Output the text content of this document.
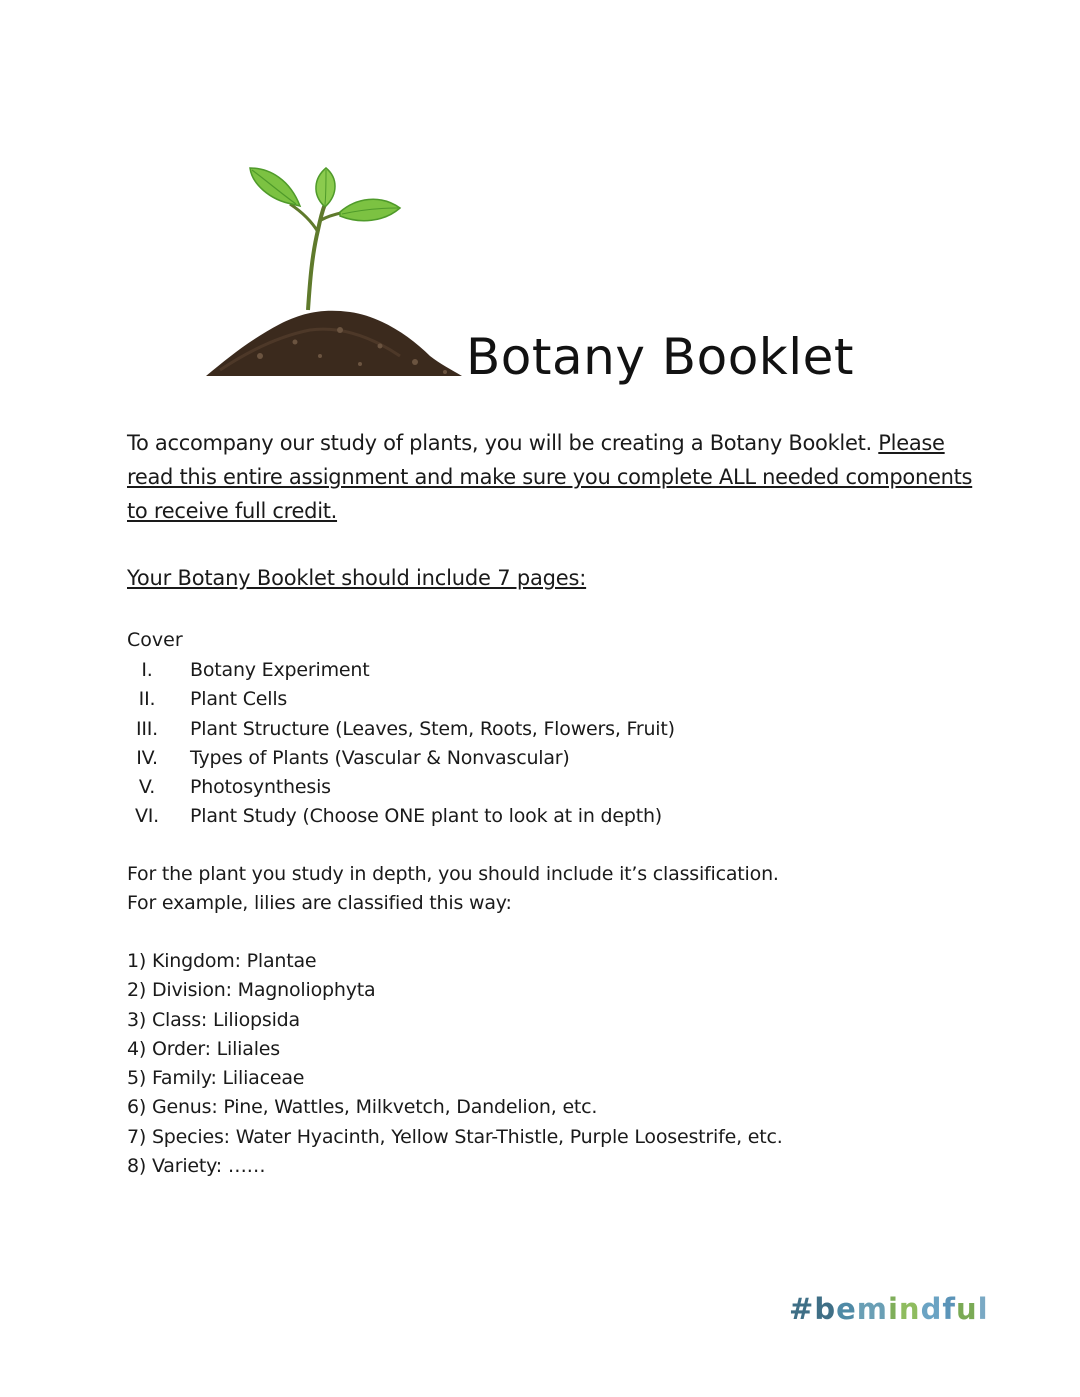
Botany Booklet
To accompany our study of plants, you will be creating a Botany Booklet. Please read this entire assignment and make sure you complete ALL needed components to receive full credit.
Your Botany Booklet should include 7 pages:
Cover
I.	Botany Experiment
II.	Plant Cells
III.	Plant Structure (Leaves, Stem, Roots, Flowers, Fruit)
IV.	Types of Plants (Vascular & Nonvascular)
V.	Photosynthesis
VI.	Plant Study (Choose ONE plant to look at in depth)
For the plant you study in depth, you should include it’s classification.
For example, lilies are classified this way:
1) Kingdom: Plantae
2) Division: Magnoliophyta
3) Class: Liliopsida
4) Order: Liliales
5) Family: Liliaceae
6) Genus: Pine, Wattles, Milkvetch, Dandelion, etc.
7) Species: Water Hyacinth, Yellow Star-Thistle, Purple Loosestrife, etc.
8) Variety: ……
#bemindful
